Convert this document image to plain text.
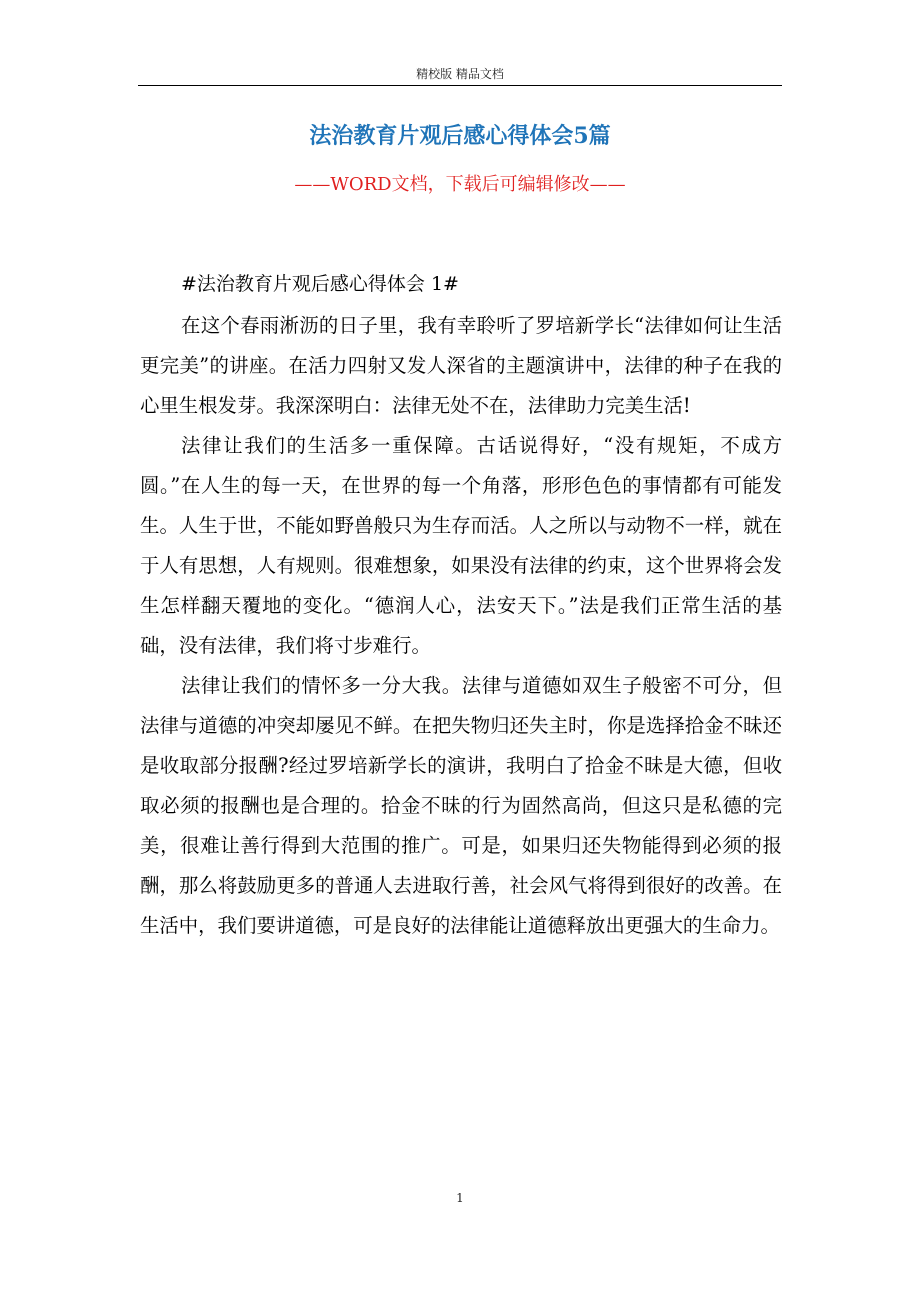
精校版 精品文档
法治教育片观后感心得体会5篇

——WORD文档，下载后可编辑修改——

#法治教育片观后感心得体会 1#

在这个春雨淅沥的日子里，我有幸聆听了罗培新学长“法律如何让生活更完美”的讲座。在活力四射又发人深省的主题演讲中，法律的种子在我的心里生根发芽。我深深明白：法律无处不在，法律助力完美生活!

法律让我们的生活多一重保障。古话说得好，“没有规矩，不成方圆。”在人生的每一天，在世界的每一个角落，形形色色的事情都有可能发生。人生于世，不能如野兽般只为生存而活。人之所以与动物不一样，就在于人有思想，人有规则。很难想象，如果没有法律的约束，这个世界将会发生怎样翻天覆地的变化。“德润人心，法安天下。”法是我们正常生活的基础，没有法律，我们将寸步难行。

法律让我们的情怀多一分大我。法律与道德如双生子般密不可分，但法律与道德的冲突却屡见不鲜。在把失物归还失主时，你是选择拾金不昧还是收取部分报酬?经过罗培新学长的演讲，我明白了拾金不昧是大德，但收取必须的报酬也是合理的。拾金不昧的行为固然高尚，但这只是私德的完美，很难让善行得到大范围的推广。可是，如果归还失物能得到必须的报酬，那么将鼓励更多的普通人去进取行善，社会风气将得到很好的改善。在生活中，我们要讲道德，可是良好的法律能让道德释放出更强大的生命力。

1
